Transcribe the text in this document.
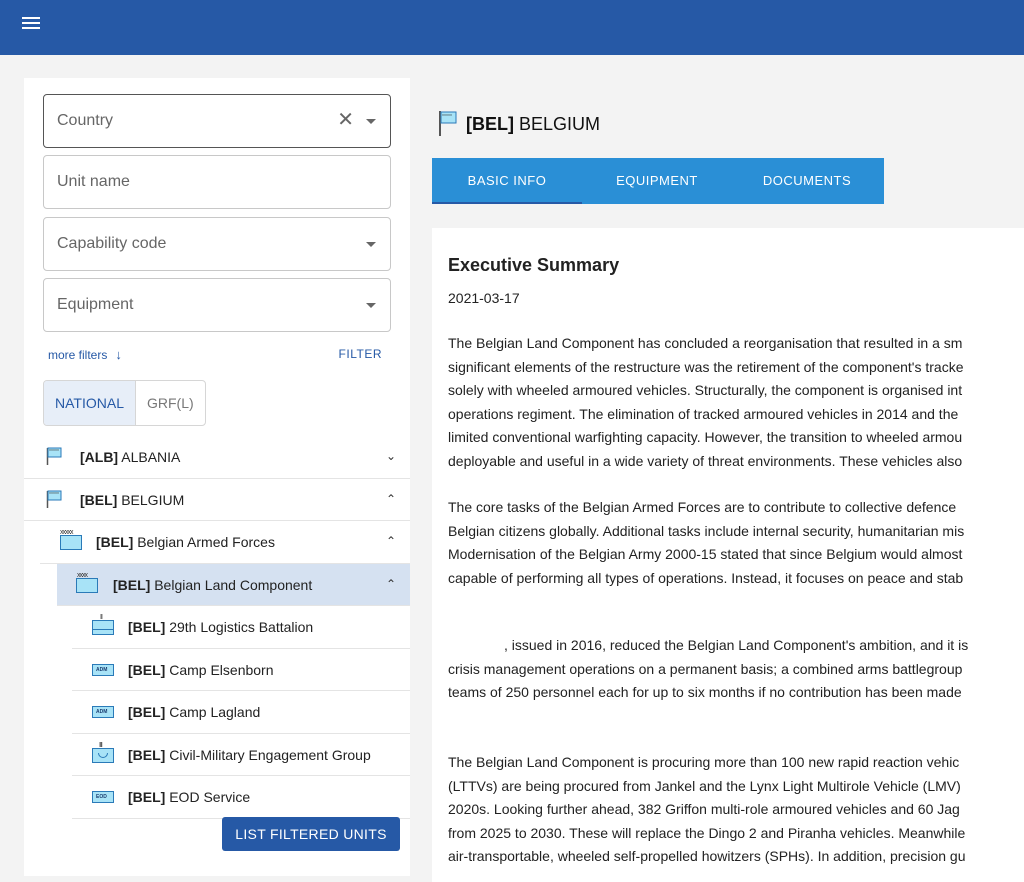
Country	✕
Unit name
Capability code
Equipment
more filters ↓	FILTER
NATIONAL	GRF(L)
XXXXX [ALB] ALBANIA	⌄
XXXXX [BEL] BELGIUM	⌃
xxxxx
[BEL] Belgian Armed Forces	⌃
xxxx
[BEL] Belgian Land Component	⌃
II
[BEL] 29th Logistics Battalion
ADM [BEL] Camp Elsenborn
ADM [BEL] Camp Lagland
III
[BEL] Civil-Military Engagement Group
EOD [BEL] EOD Service
LIST FILTERED UNITS
XXXXX [BEL] BELGIUM
BASIC INFO	EQUIPMENT	DOCUMENTS
Executive Summary
2021-03-17
The Belgian Land Component has concluded a reorganisation that resulted in a sm
significant elements of the restructure was the retirement of the component's tracke
solely with wheeled armoured vehicles. Structurally, the component is organised int
operations regiment. The elimination of tracked armoured vehicles in 2014 and the
limited conventional warfighting capacity. However, the transition to wheeled armou
deployable and useful in a wide variety of threat environments. These vehicles also
The core tasks of the Belgian Armed Forces are to contribute to collective defence
Belgian citizens globally. Additional tasks include internal security, humanitarian mis
Modernisation of the Belgian Army 2000-15 stated that since Belgium would almost
capable of performing all types of operations. Instead, it focuses on peace and stab
, issued in 2016, reduced the Belgian Land Component's ambition, and it is
crisis management operations on a permanent basis; a combined arms battlegroup
teams of 250 personnel each for up to six months if no contribution has been made
The Belgian Land Component is procuring more than 100 new rapid reaction vehic
(LTTVs) are being procured from Jankel and the Lynx Light Multirole Vehicle (LMV)
2020s. Looking further ahead, 382 Griffon multi-role armoured vehicles and 60 Jag
from 2025 to 2030. These will replace the Dingo 2 and Piranha vehicles. Meanwhile
air-transportable, wheeled self-propelled howitzers (SPHs). In addition, precision gu
